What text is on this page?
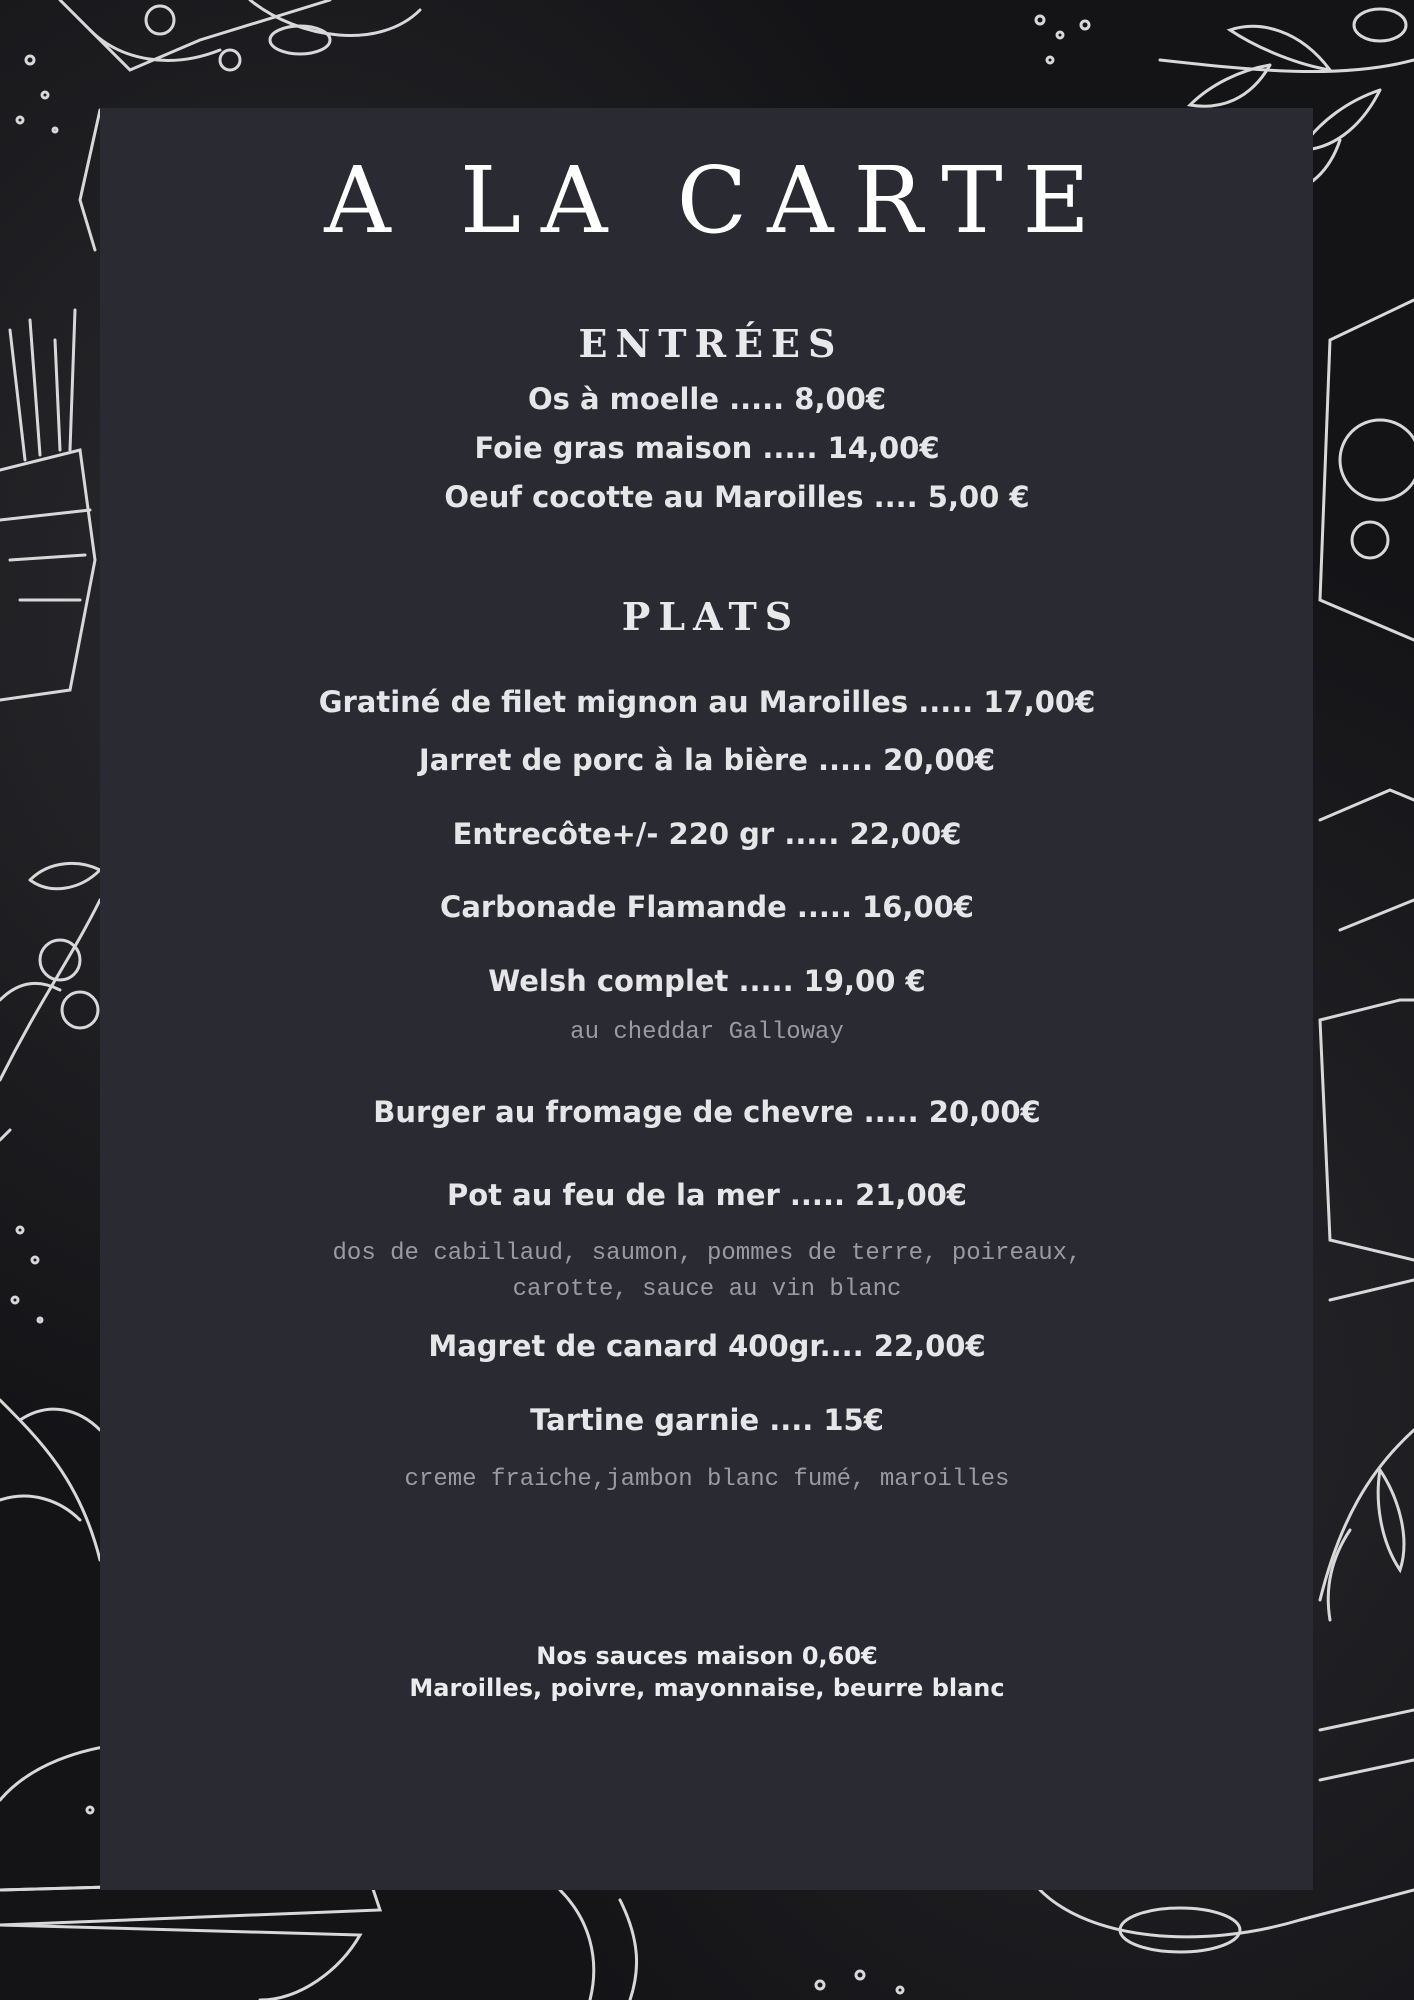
A LA CARTE
ENTRÉES
Os à moelle ..... 8,00€
Foie gras maison ..... 14,00€
Oeuf cocotte au Maroilles .... 5,00 €
PLATS
Gratiné de filet mignon au Maroilles ..... 17,00€
Jarret de porc à la bière ..... 20,00€
Entrecôte+/- 220 gr ..... 22,00€
Carbonade Flamande ..... 16,00€
Welsh complet ..... 19,00 €
au cheddar Galloway
Burger au fromage de chevre ..... 20,00€
Pot au feu de la mer ..... 21,00€
dos de cabillaud, saumon, pommes de terre, poireaux,
carotte, sauce au vin blanc
Magret de canard 400gr.... 22,00€
Tartine garnie .... 15€
creme fraiche,jambon blanc fumé, maroilles
Nos sauces maison 0,60€
Maroilles, poivre, mayonnaise, beurre blanc
